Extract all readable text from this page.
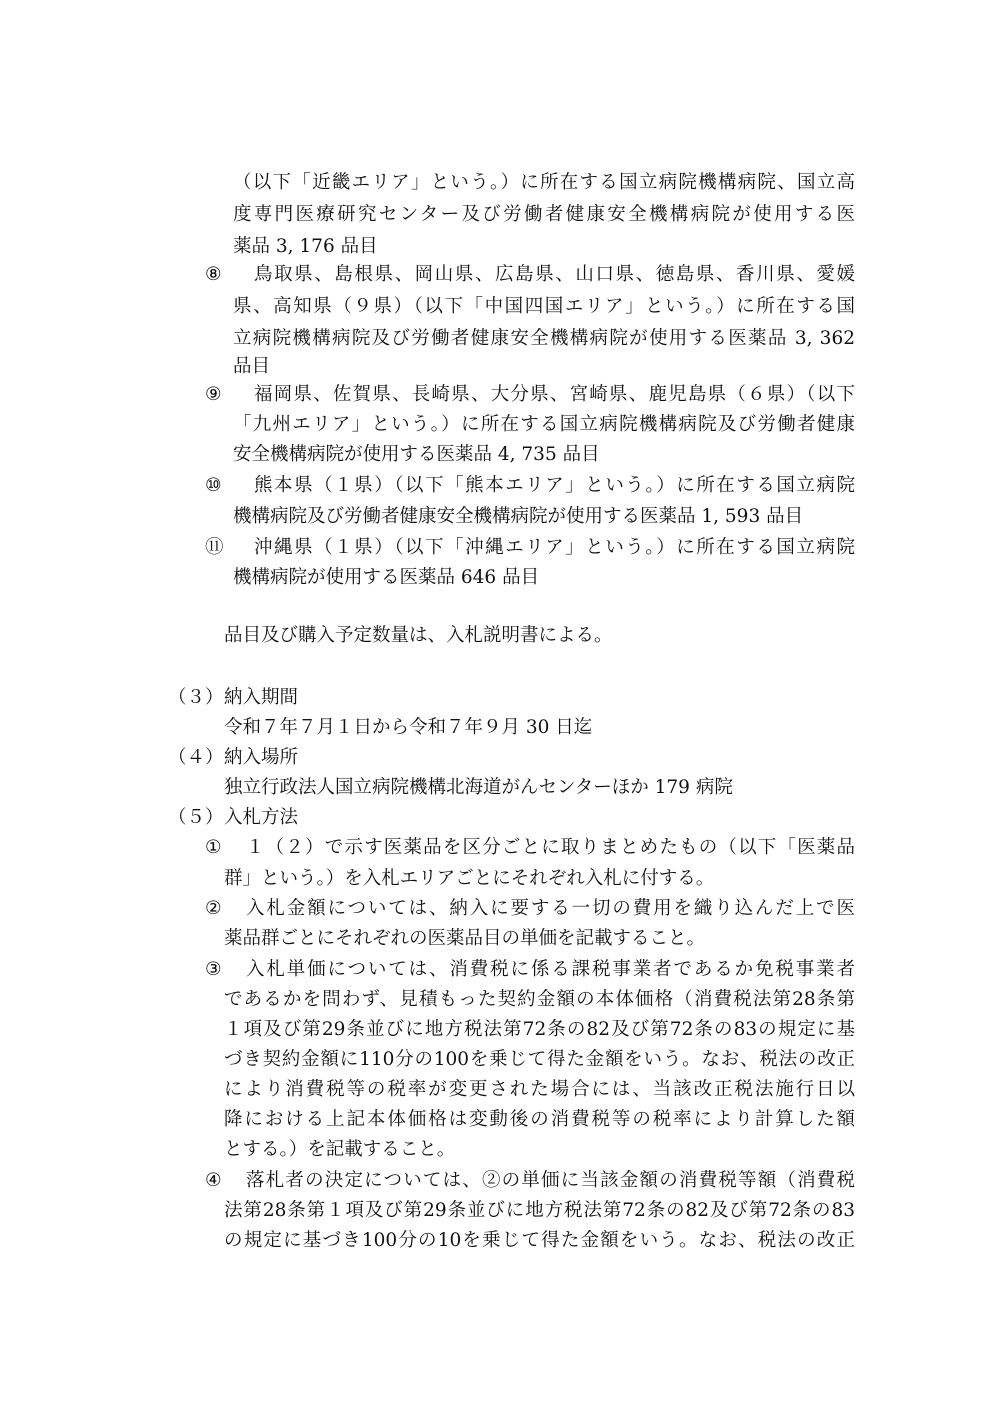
（以下「近畿エリア」という。）に所在する国立病院機構病院、国立高
度専門医療研究センター及び労働者健康安全機構病院が使用する医
薬品 3, 176 品目
⑧ 鳥取県、島根県、岡山県、広島県、山口県、徳島県、香川県、愛媛
県、高知県（９県）（以下「中国四国エリア」という。）に所在する国
立病院機構病院及び労働者健康安全機構病院が使用する医薬品 3, 362
品目
⑨ 福岡県、佐賀県、長崎県、大分県、宮崎県、鹿児島県（６県）（以下
「九州エリア」という。）に所在する国立病院機構病院及び労働者健康
安全機構病院が使用する医薬品 4, 735 品目
⑩ 熊本県（１県）（以下「熊本エリア」という。）に所在する国立病院
機構病院及び労働者健康安全機構病院が使用する医薬品 1, 593 品目
⑪ 沖縄県（１県）（以下「沖縄エリア」という。）に所在する国立病院
機構病院が使用する医薬品 646 品目
品目及び購入予定数量は、入札説明書による。
（３） 納入期間
令和７年７月１日から令和７年９月 30 日迄
（４） 納入場所
独立行政法人国立病院機構北海道がんセンターほか 179 病院
（５） 入札方法
① １（２）で示す医薬品を区分ごとに取りまとめたもの（以下「医薬品
群」という。）を入札エリアごとにそれぞれ入札に付する。
② 入札金額については、納入に要する一切の費用を織り込んだ上で医
薬品群ごとにそれぞれの医薬品目の単価を記載すること。
③ 入札単価については、消費税に係る課税事業者であるか免税事業者
であるかを問わず、見積もった契約金額の本体価格（消費税法第28条第
１項及び第29条並びに地方税法第72条の82及び第72条の83の規定に基
づき契約金額に110分の100を乗じて得た金額をいう。なお、税法の改正
により消費税等の税率が変更された場合には、当該改正税法施行日以
降における上記本体価格は変動後の消費税等の税率により計算した額
とする。）を記載すること。
④ 落札者の決定については、②の単価に当該金額の消費税等額（消費税
法第28条第１項及び第29条並びに地方税法第72条の82及び第72条の83
の規定に基づき100分の10を乗じて得た金額をいう。なお、税法の改正
